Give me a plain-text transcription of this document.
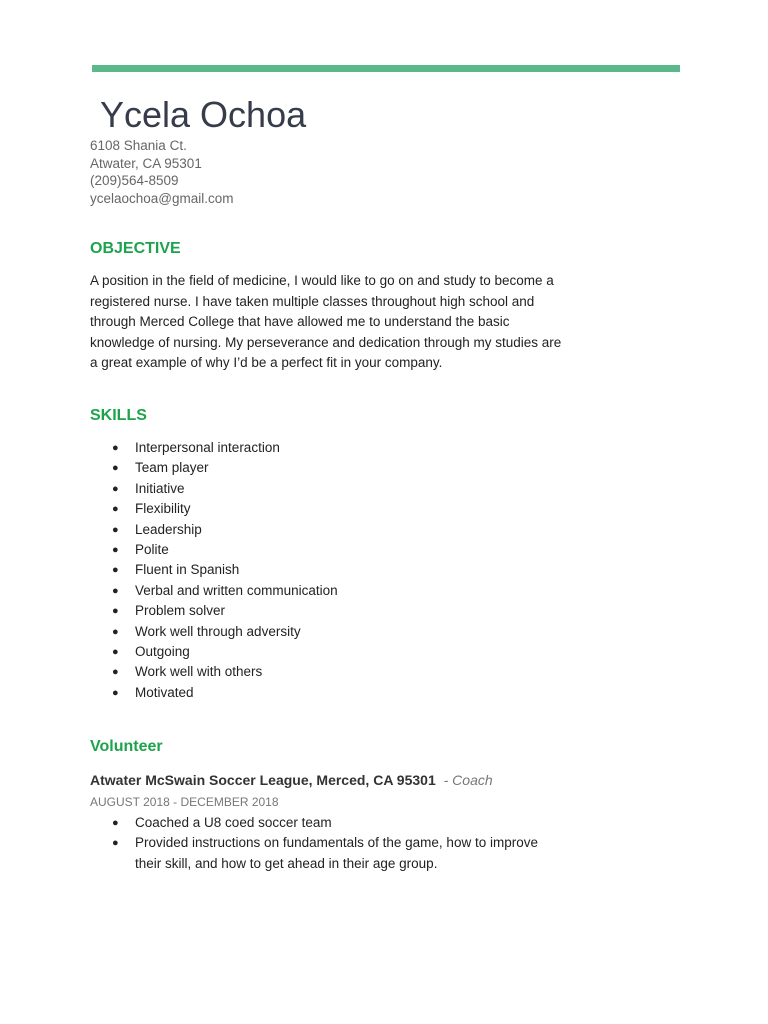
Ycela Ochoa
6108 Shania Ct.
Atwater, CA 95301
(209)564-8509
ycelaochoa@gmail.com
OBJECTIVE

A position in the field of medicine, I would like to go on and study to become a registered nurse. I have taken multiple classes throughout high school and through Merced College that have allowed me to understand the basic knowledge of nursing. My perseverance and dedication through my studies are a great example of why I’d be a perfect fit in your company.

SKILLS
● Interpersonal interaction
● Team player
● Initiative
● Flexibility
● Leadership
● Polite
● Fluent in Spanish
● Verbal and written communication
● Problem solver
● Work well through adversity
● Outgoing
● Work well with others
● Motivated
Volunteer
Atwater McSwain Soccer League, Merced, CA 95301 - Coach
AUGUST 2018 - DECEMBER 2018
● Coached a U8 coed soccer team
● Provided instructions on fundamentals of the game, how to improve their skill, and how to get ahead in their age group.
